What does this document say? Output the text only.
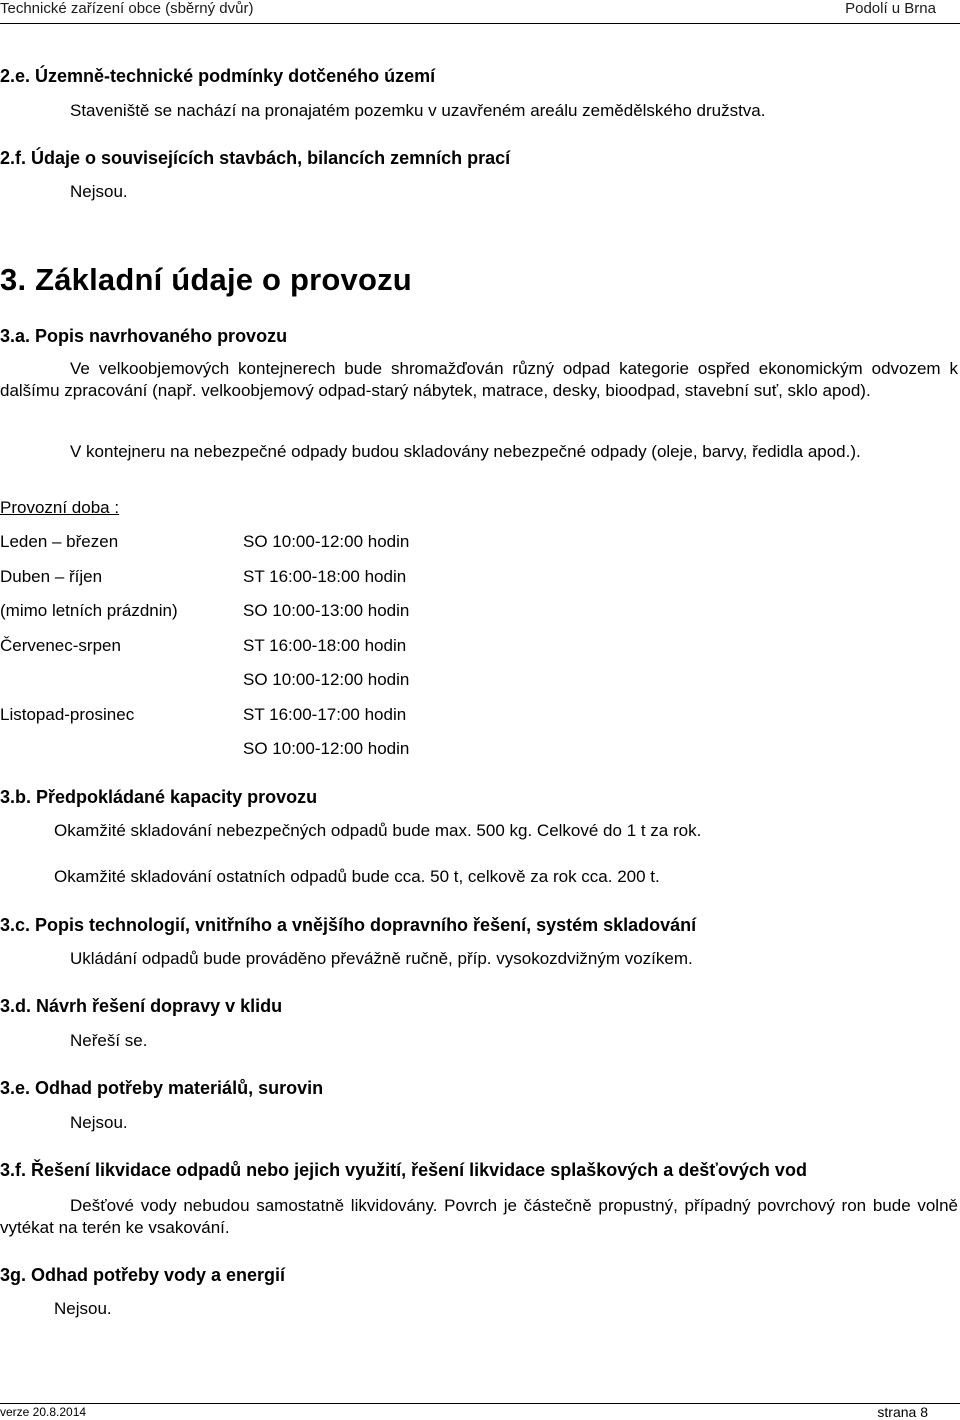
Technické zařízení obce (sběrný dvůr)	Podolí u Brna
2.e. Územně-technické podmínky dotčeného území
Staveniště se nachází na pronajatém pozemku v uzavřeném areálu zemědělského družstva.
2.f. Údaje o souvisejících stavbách, bilancích zemních prací
Nejsou.
3. Základní údaje o provozu
3.a. Popis navrhovaného provozu
Ve velkoobjemových kontejnerech bude shromažďován různý odpad kategorie ospřed ekonomickým odvozem k dalšímu zpracování (např. velkoobjemový odpad-starý nábytek, matrace, desky, bioodpad, stavební suť, sklo apod).
V kontejneru na nebezpečné odpady budou skladovány nebezpečné odpady (oleje, barvy, ředidla apod.).
Provozní doba :
Leden – březen
Duben – říjen
(mimo letních prázdnin)
Červenec-srpen
Listopad-prosinec
SO 10:00-12:00 hodin
ST 16:00-18:00 hodin
SO 10:00-13:00 hodin
ST 16:00-18:00 hodin
SO 10:00-12:00 hodin
ST 16:00-17:00 hodin
SO 10:00-12:00 hodin
3.b. Předpokládané kapacity provozu
Okamžité skladování nebezpečných odpadů bude max. 500 kg. Celkové do 1 t za rok.
Okamžité skladování ostatních odpadů bude cca. 50 t, celkově za rok cca. 200 t.
3.c. Popis technologií, vnitřního a vnějšího dopravního řešení, systém skladování
Ukládání odpadů bude prováděno převážně ručně, příp. vysokozdvižným vozíkem.
3.d. Návrh řešení dopravy v klidu
Neřeší se.
3.e. Odhad potřeby materiálů, surovin
Nejsou.
3.f. Řešení likvidace odpadů nebo jejich využití, řešení likvidace splaškových a dešťových vod
Dešťové vody nebudou samostatně likvidovány. Povrch je částečně propustný, případný povrchový ron bude volně vytékat na terén ke vsakování.
3g. Odhad potřeby vody a energií
Nejsou.
verze 20.8.2014	strana 8
